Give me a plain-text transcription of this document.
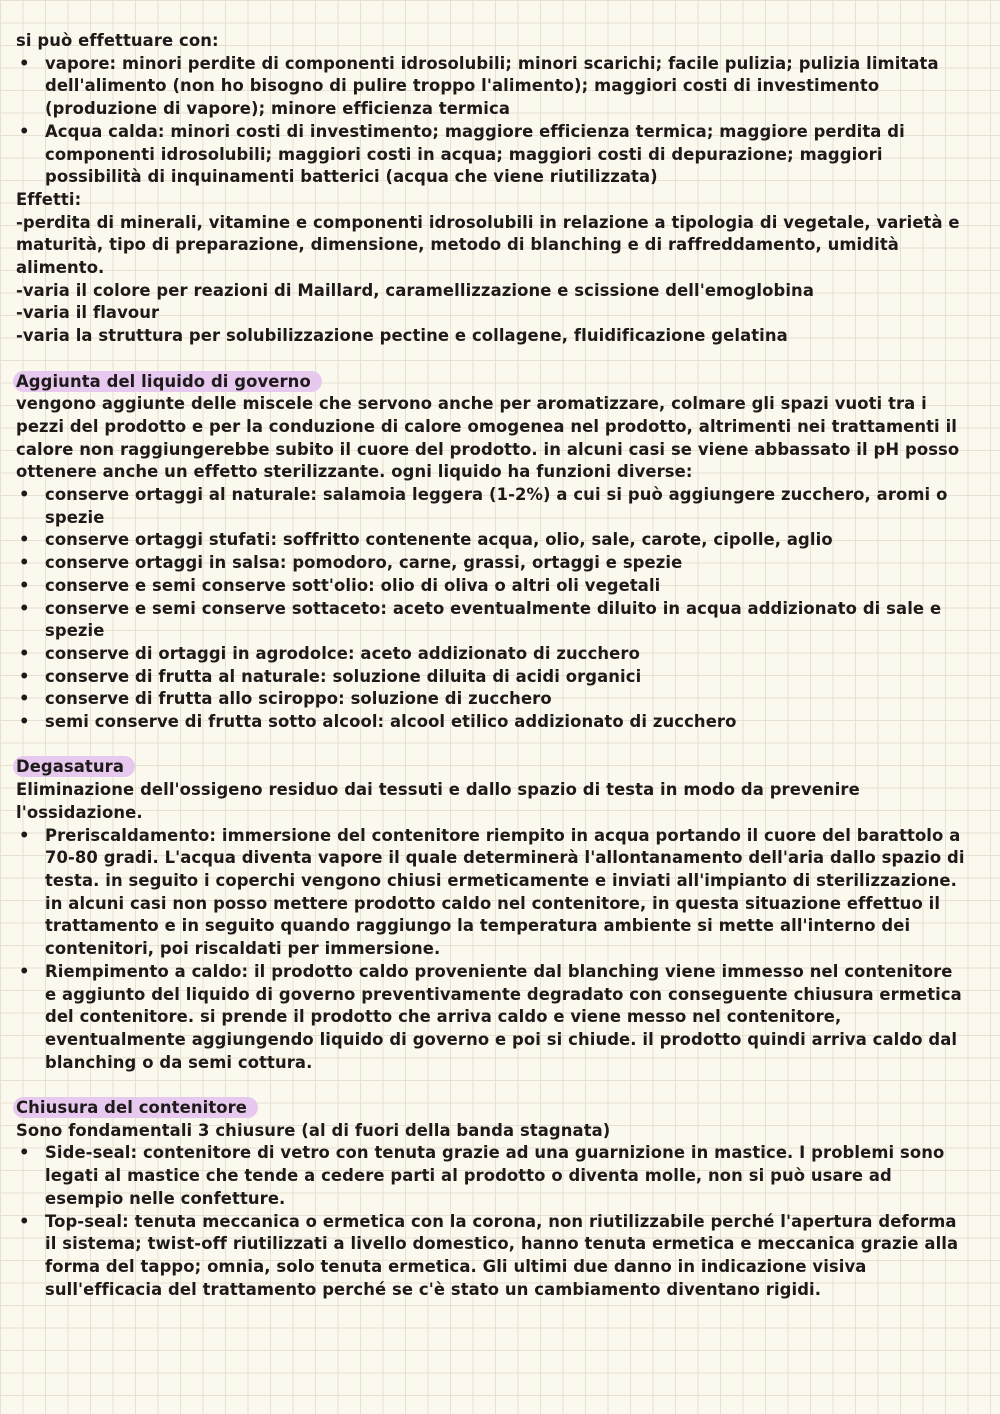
si può effettuare con:

• vapore: minori perdite di componenti idrosolubili; minori scarichi; facile pulizia; pulizia limitata dell'alimento (non ho bisogno di pulire troppo l'alimento); maggiori costi di investimento (produzione di vapore); minore efficienza termica
• Acqua calda: minori costi di investimento; maggiore efficienza termica; maggiore perdita di componenti idrosolubili; maggiori costi in acqua; maggiori costi di depurazione; maggiori possibilità di inquinamenti batterici (acqua che viene riutilizzata)

Effetti:

-perdita di minerali, vitamine e componenti idrosolubili in relazione a tipologia di vegetale, varietà e maturità, tipo di preparazione, dimensione, metodo di blanching e di raffreddamento, umidità alimento.

-varia il colore per reazioni di Maillard, caramellizzazione e scissione dell'emoglobina

-varia il flavour

-varia la struttura per solubilizzazione pectine e collagene, fluidificazione gelatina

Aggiunta del liquido di governo

vengono aggiunte delle miscele che servono anche per aromatizzare, colmare gli spazi vuoti tra i pezzi del prodotto e per la conduzione di calore omogenea nel prodotto, altrimenti nei trattamenti il calore non raggiungerebbe subito il cuore del prodotto. in alcuni casi se viene abbassato il pH posso ottenere anche un effetto sterilizzante. ogni liquido ha funzioni diverse:

• conserve ortaggi al naturale: salamoia leggera (1-2%) a cui si può aggiungere zucchero, aromi o spezie
• conserve ortaggi stufati: soffritto contenente acqua, olio, sale, carote, cipolle, aglio
• conserve ortaggi in salsa: pomodoro, carne, grassi, ortaggi e spezie
• conserve e semi conserve sott'olio: olio di oliva o altri oli vegetali
• conserve e semi conserve sottaceto: aceto eventualmente diluito in acqua addizionato di sale e spezie
• conserve di ortaggi in agrodolce: aceto addizionato di zucchero
• conserve di frutta al naturale: soluzione diluita di acidi organici
• conserve di frutta allo sciroppo: soluzione di zucchero
• semi conserve di frutta sotto alcool: alcool etilico addizionato di zucchero
Degasatura

Eliminazione dell'ossigeno residuo dai tessuti e dallo spazio di testa in modo da prevenire l'ossidazione.

• Preriscaldamento: immersione del contenitore riempito in acqua portando il cuore del barattolo a 70-80 gradi. L'acqua diventa vapore il quale determinerà l'allontanamento dell'aria dallo spazio di testa. in seguito i coperchi vengono chiusi ermeticamente e inviati all'impianto di sterilizzazione. in alcuni casi non posso mettere prodotto caldo nel contenitore, in questa situazione effettuo il trattamento e in seguito quando raggiungo la temperatura ambiente si mette all'interno dei contenitori, poi riscaldati per immersione.
• Riempimento a caldo: il prodotto caldo proveniente dal blanching viene immesso nel contenitore e aggiunto del liquido di governo preventivamente degradato con conseguente chiusura ermetica del contenitore. si prende il prodotto che arriva caldo e viene messo nel contenitore, eventualmente aggiungendo liquido di governo e poi si chiude. il prodotto quindi arriva caldo dal blanching o da semi cottura.
Chiusura del contenitore

Sono fondamentali 3 chiusure (al di fuori della banda stagnata)

• Side-seal: contenitore di vetro con tenuta grazie ad una guarnizione in mastice. I problemi sono legati al mastice che tende a cedere parti al prodotto o diventa molle, non si può usare ad esempio nelle confetture.
• Top-seal: tenuta meccanica o ermetica con la corona, non riutilizzabile perché l'apertura deforma il sistema; twist-off riutilizzati a livello domestico, hanno tenuta ermetica e meccanica grazie alla forma del tappo; omnia, solo tenuta ermetica. Gli ultimi due danno in indicazione visiva sull'efficacia del trattamento perché se c'è stato un cambiamento diventano rigidi.
